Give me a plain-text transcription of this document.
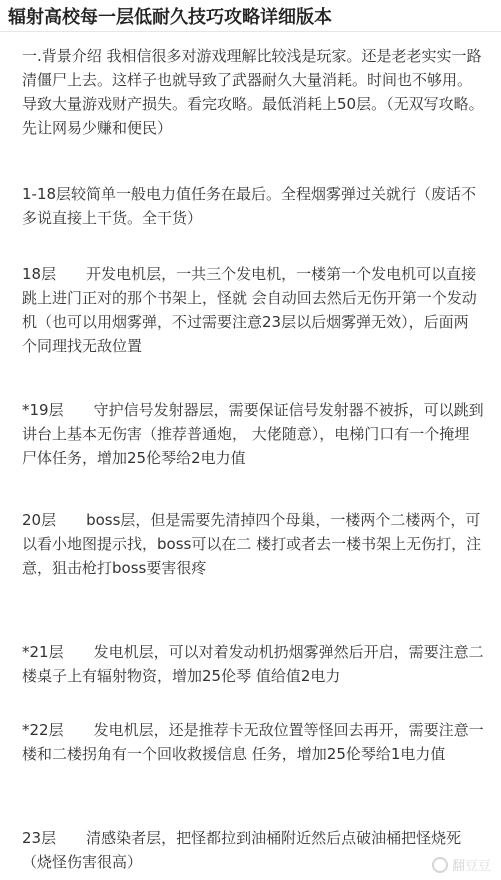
辐射高校每一层低耐久技巧攻略详细版本

一.背景介绍 我相信很多对游戏理解比较浅是玩家。还是老老实实一路清僵尸上去。这样子也就导致了武器耐久大量消耗。时间也不够用。导致大量游戏财产损失。看完攻略。最低消耗上50层。（无双写攻略。先让网易少赚和便民）

1-18层较简单一般电力值任务在最后。全程烟雾弹过关就行（废话不多说直接上干货。全干货）

18层　　开发电机层，一共三个发电机，一楼第一个发电机可以直接跳上进门正对的那个书架上，怪就 会自动回去然后无伤开第一个发动机（也可以用烟雾弹，不过需要注意23层以后烟雾弹无效），后面两 个同理找无敌位置

*19层　　守护信号发射器层，需要保证信号发射器不被拆，可以跳到讲台上基本无伤害（推荐普通炮， 大佬随意），电梯门口有一个掩埋尸体任务，增加25伦琴给2电力值

20层　　boss层，但是需要先清掉四个母巢，一楼两个二楼两个，可以看小地图提示找，boss可以在二 楼打或者去一楼书架上无伤打，注意，狙击枪打boss要害很疼

*21层　　发电机层，可以对着发动机扔烟雾弹然后开启，需要注意二楼桌子上有辐射物资，增加25伦琴 值给值2电力

*22层　　发电机层，还是推荐卡无敌位置等怪回去再开，需要注意一楼和二楼拐角有一个回收救援信息 任务，增加25伦琴给1电力值

23层　　清感染者层，把怪都拉到油桶附近然后点破油桶把怪烧死（烧怪伤害很高）	翻豆豆
